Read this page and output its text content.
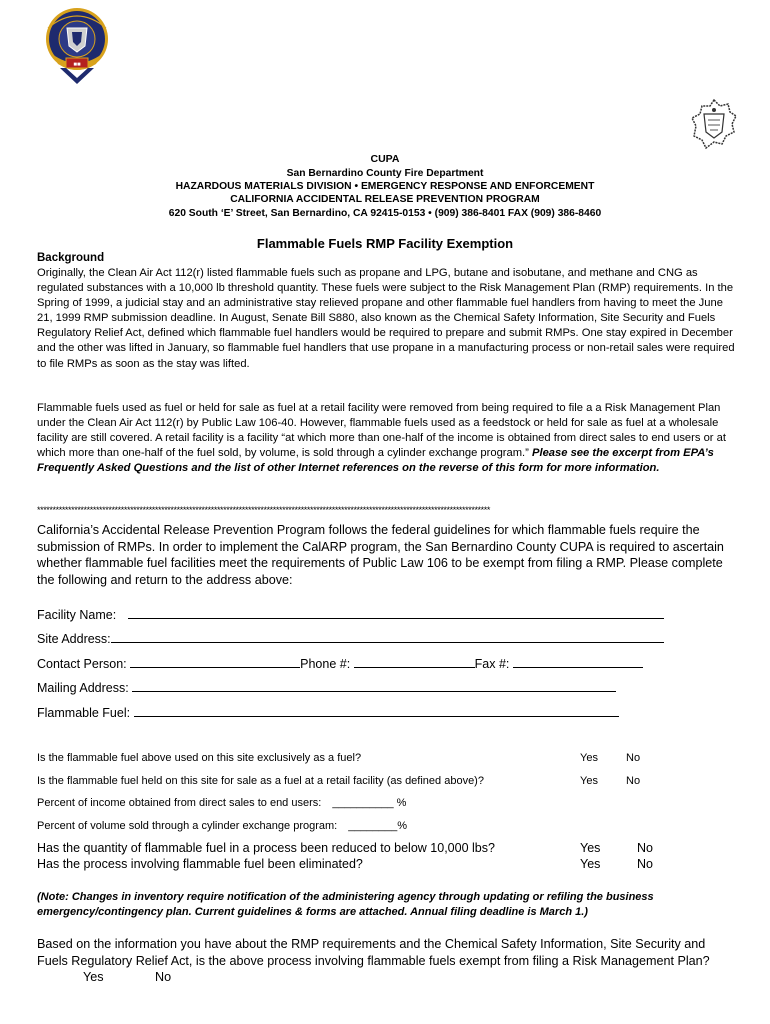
■■
CUPA
San Bernardino County Fire Department
HAZARDOUS MATERIALS DIVISION • EMERGENCY RESPONSE AND ENFORCEMENT
CALIFORNIA ACCIDENTAL RELEASE PREVENTION PROGRAM
620 South ‘E’ Street, San Bernardino, CA 92415-0153 • (909) 386-8401 FAX (909) 386-8460
Flammable Fuels RMP Facility Exemption
Background
Originally, the Clean Air Act 112(r) listed flammable fuels such as propane and LPG, butane and isobutane, and methane and CNG as regulated substances with a 10,000 lb threshold quantity. These fuels were subject to the Risk Management Plan (RMP) requirements. In the Spring of 1999, a judicial stay and an administrative stay relieved propane and other flammable fuel handlers from having to meet the June 21, 1999 RMP submission deadline. In August, Senate Bill S880, also known as the Chemical Safety Information, Site Security and Fuels Regulatory Relief Act, defined which flammable fuel handlers would be required to prepare and submit RMPs. One stay expired in December and the other was lifted in January, so flammable fuel handlers that use propane in a manufacturing process or non-retail sales were required to file RMPs as soon as the stay was lifted.
Flammable fuels used as fuel or held for sale as fuel at a retail facility were removed from being required to file a a Risk Management Plan under the Clean Air Act 112(r) by Public Law 106-40. However, flammable fuels used as a feedstock or held for sale as fuel at a wholesale facility are still covered. A retail facility is a facility “at which more than one-half of the income is obtained from direct sales to end users or at which more than one-half of the fuel sold, by volume, is sold through a cylinder exchange program.” Please see the excerpt from EPA’s Frequently Asked Questions and the list of other Internet references on the reverse of this form for more information.
**************************************************************************************************************************************************
California’s Accidental Release Prevention Program follows the federal guidelines for which flammable fuels require the submission of RMPs. In order to implement the CalARP program, the San Bernardino County CUPA is required to ascertain whether flammable fuel facilities meet the requirements of Public Law 106 to be exempt from filing a RMP. Please complete the following and return to the address above:
Facility Name:
Site Address:
Contact Person:	Phone #:	Fax #:
Mailing Address:
Flammable Fuel:
Is the flammable fuel above used on this site exclusively as a fuel?	Yes	No
Is the flammable fuel held on this site for sale as a fuel at a retail facility (as defined above)?	Yes	No
Percent of income obtained from direct sales to end users: __________ %
Percent of volume sold through a cylinder exchange program: ________%
Has the quantity of flammable fuel in a process been reduced to below 10,000 lbs?	Yes	No
Has the process involving flammable fuel been eliminated?	Yes	No
(Note: Changes in inventory require notification of the administering agency through updating or refiling the business emergency/contingency plan. Current guidelines & forms are attached. Annual filing deadline is March 1.)
Based on the information you have about the RMP requirements and the Chemical Safety Information, Site Security and Fuels Regulatory Relief Act, is the above process involving flammable fuels exempt from filing a Risk Management Plan? Yes	No
